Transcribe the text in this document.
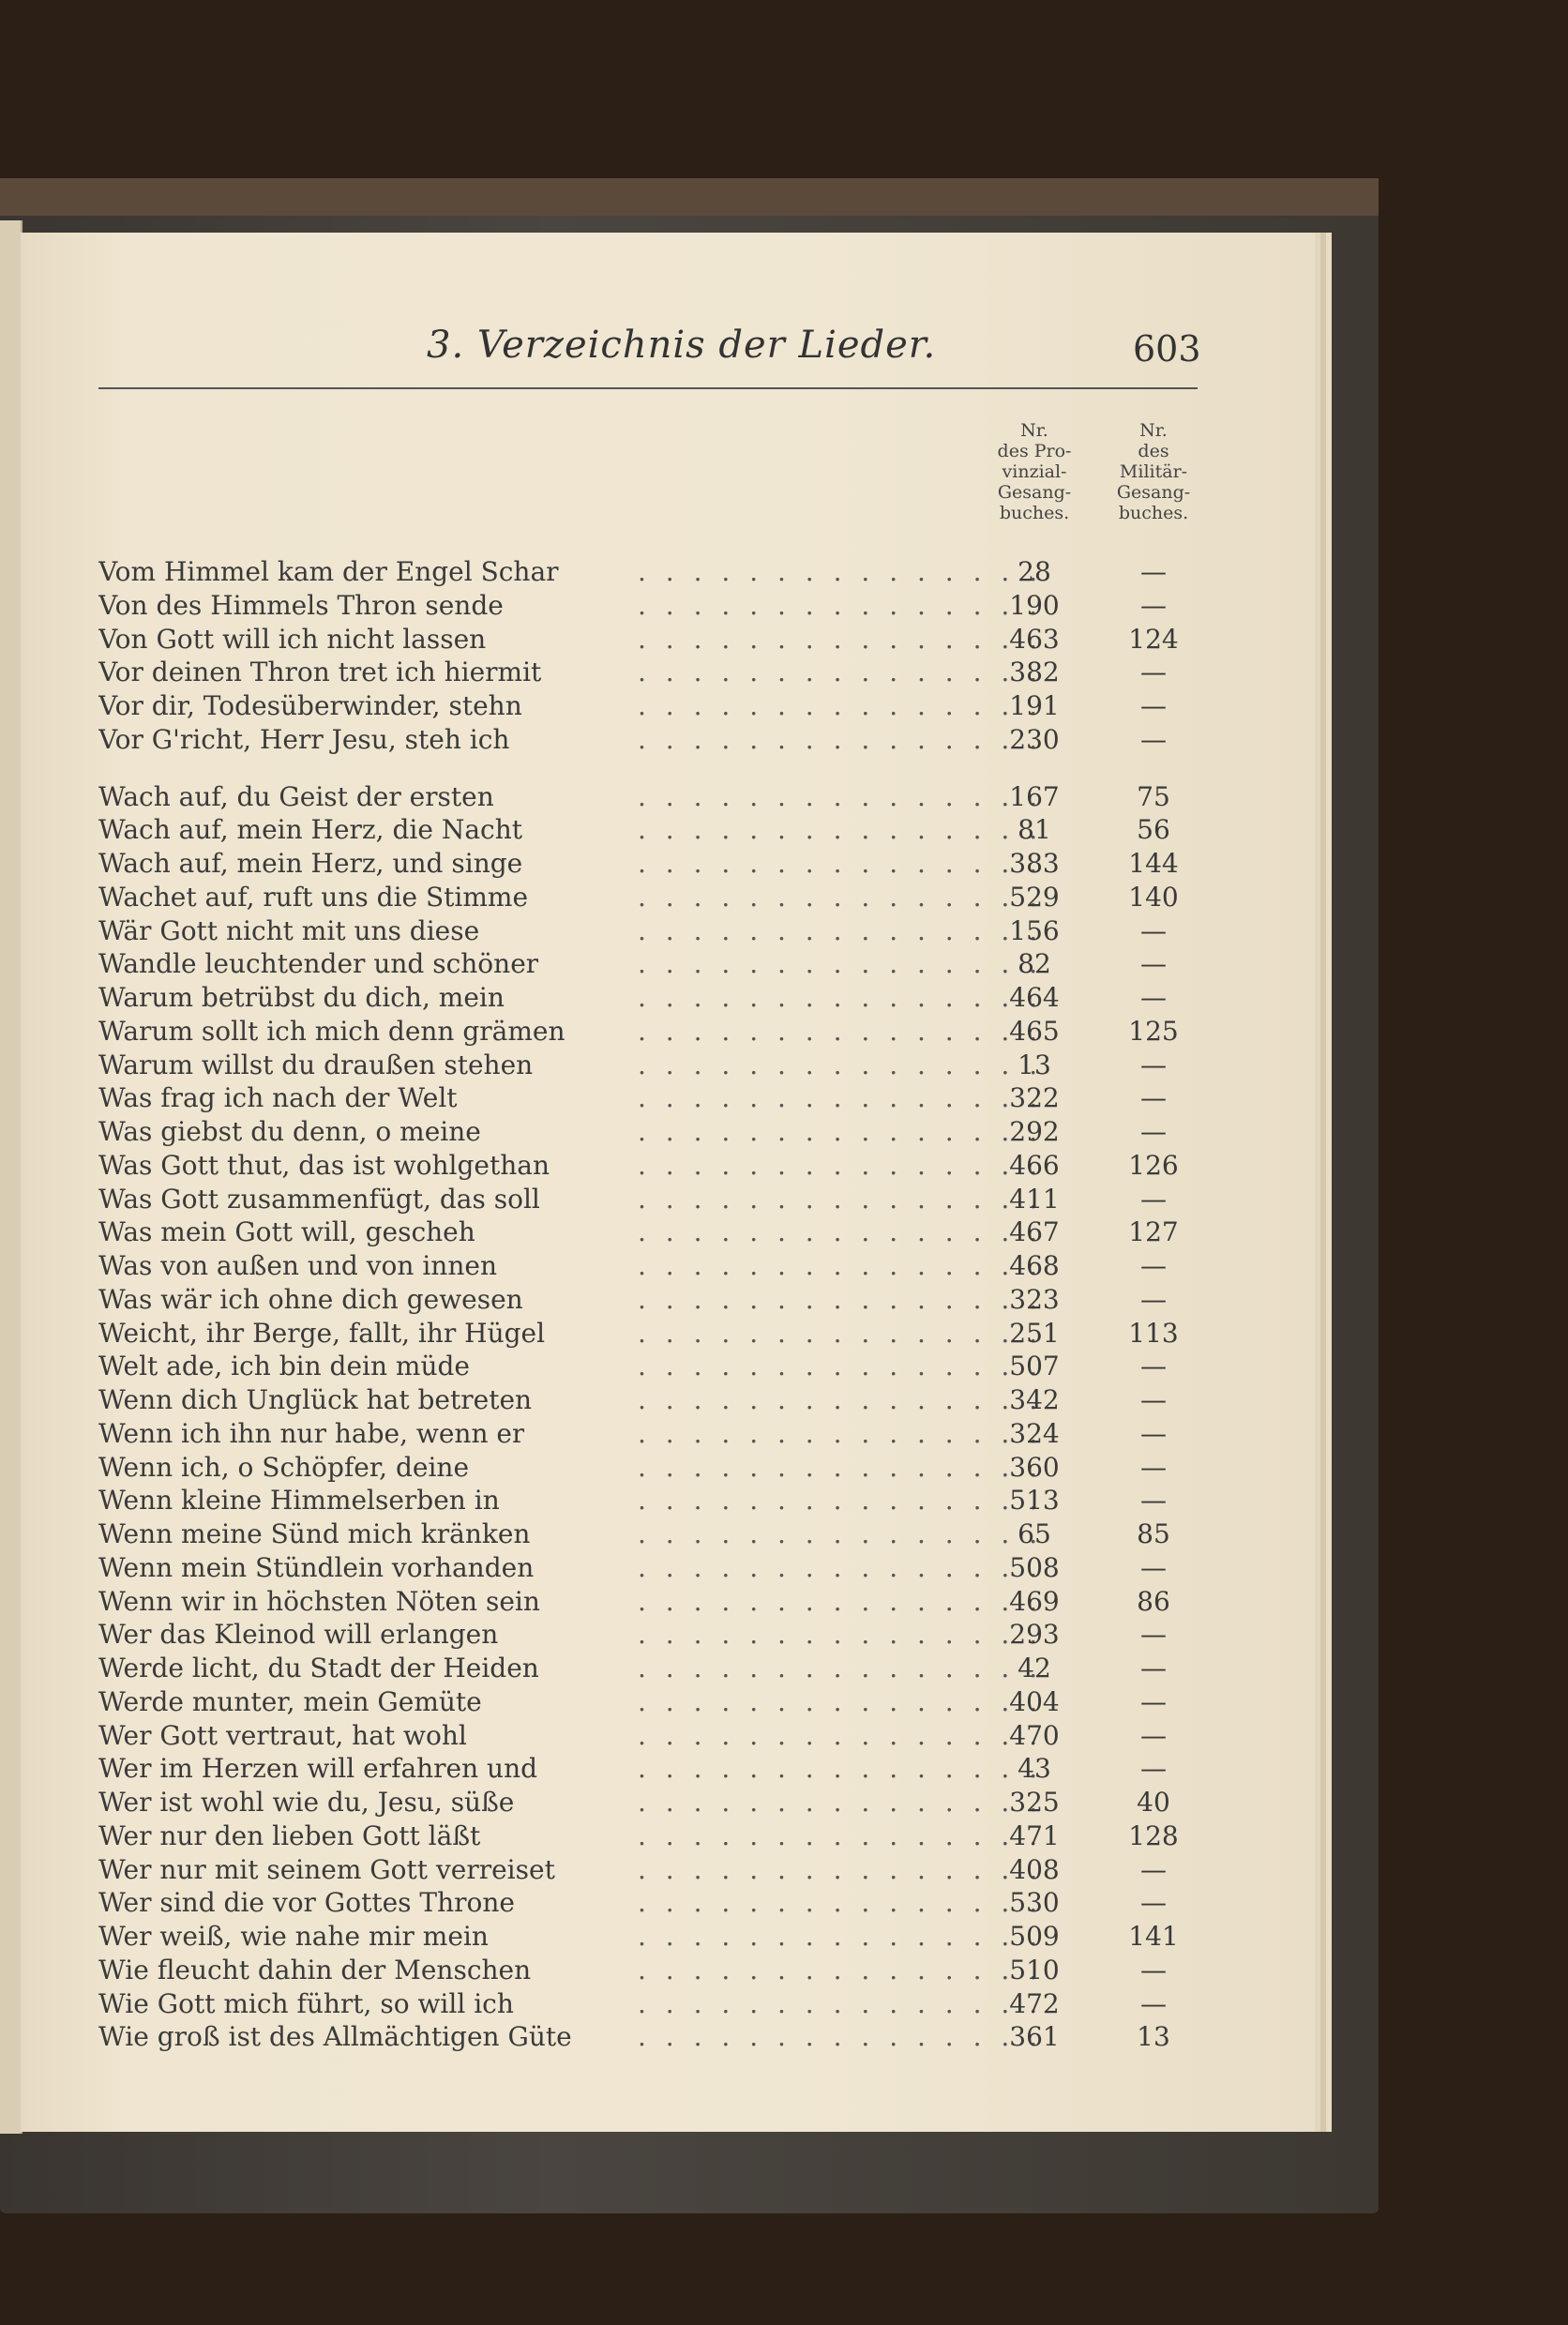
3. Verzeichnis der Lieder.	603
Nr.
des Pro-
vinzial-
Gesang-
buches.
Nr.
des
Militär-
Gesang-
buches.
Vom Himmel kam der Engel Schar . . .	28	—
Von des Himmels Thron sende . . .	190	—
Von Gott will ich nicht lassen . . .	463	124
Vor deinen Thron tret ich hiermit . . .	382	—
Vor dir, Todesüberwinder, stehn . . .	191	—
Vor G'richt, Herr Jesu, steh ich . . .	230	—
Wach auf, du Geist der ersten . . .	167	75
Wach auf, mein Herz, die Nacht . . .	81	56
Wach auf, mein Herz, und singe . . .	383	144
Wachet auf, ruft uns die Stimme . . .	529	140
Wär Gott nicht mit uns diese . . .	156	—
Wandle leuchtender und schöner . . .	82	—
Warum betrübst du dich, mein . . .	464	—
Warum sollt ich mich denn grämen . . .	465	125
Warum willst du draußen stehen . . .	13	—
Was frag ich nach der Welt . . .	322	—
Was giebst du denn, o meine . . .	292	—
Was Gott thut, das ist wohlgethan . . .	466	126
Was Gott zusammenfügt, das soll . . .	411	—
Was mein Gott will, gescheh . . .	467	127
Was von außen und von innen . . .	468	—
Was wär ich ohne dich gewesen . . .	323	—
Weicht, ihr Berge, fallt, ihr Hügel . . .	251	113
Welt ade, ich bin dein müde . . .	507	—
Wenn dich Unglück hat betreten . . .	342	—
Wenn ich ihn nur habe, wenn er . . .	324	—
Wenn ich, o Schöpfer, deine . . .	360	—
Wenn kleine Himmelserben in . . .	513	—
Wenn meine Sünd mich kränken . . .	65	85
Wenn mein Stündlein vorhanden . . .	508	—
Wenn wir in höchsten Nöten sein . . .	469	86
Wer das Kleinod will erlangen . . .	293	—
Werde licht, du Stadt der Heiden . . .	42	—
Werde munter, mein Gemüte . . .	404	—
Wer Gott vertraut, hat wohl . . .	470	—
Wer im Herzen will erfahren und . . .	43	—
Wer ist wohl wie du, Jesu, süße . . .	325	40
Wer nur den lieben Gott läßt . . .	471	128
Wer nur mit seinem Gott verreiset . . .	408	—
Wer sind die vor Gottes Throne . . .	530	—
Wer weiß, wie nahe mir mein . . .	509	141
Wie fleucht dahin der Menschen . . .	510	—
Wie Gott mich führt, so will ich . . .	472	—
Wie groß ist des Allmächtigen Güte . . .	361	13
